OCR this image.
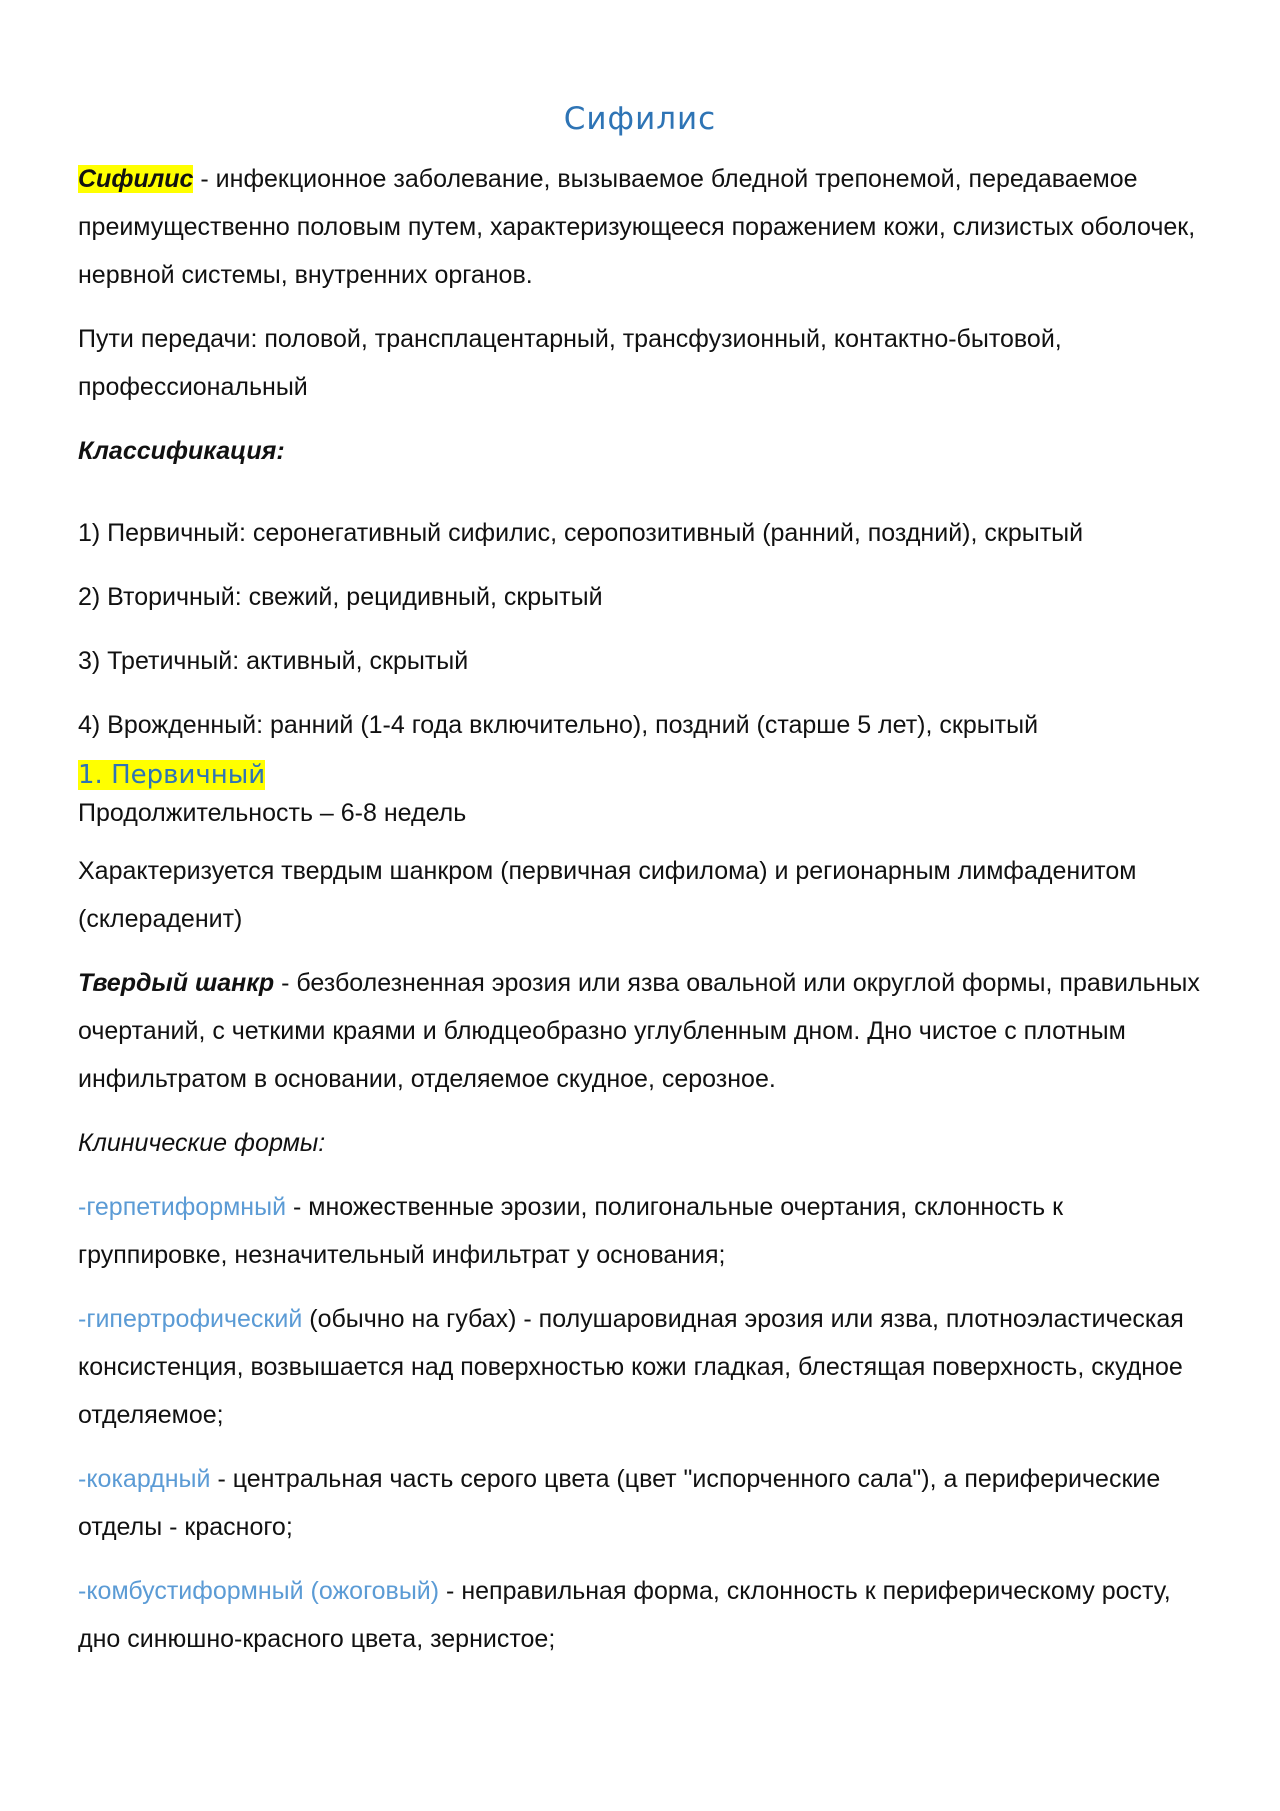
Сифилис

Сифилис - инфекционное заболевание, вызываемое бледной трепонемой, передаваемое преимущественно половым путем, характеризующееся поражением кожи, слизистых оболочек, нервной системы, внутренних органов.

Пути передачи: половой, трансплацентарный, трансфузионный, контактно-бытовой, профессиональный

Классификация:

1) Первичный: серонегативный сифилис, серопозитивный (ранний, поздний), скрытый

2) Вторичный: свежий, рецидивный, скрытый

3) Третичный: активный, скрытый

4) Врожденный: ранний (1-4 года включительно), поздний (старше 5 лет), скрытый

1. Первичный

Продолжительность – 6-8 недель

Характеризуется твердым шанкром (первичная сифилома) и регионарным лимфаденитом (склераденит)

Твердый шанкр - безболезненная эрозия или язва овальной или округлой формы, правильных очертаний, с четкими краями и блюдцеобразно углубленным дном. Дно чистое с плотным инфильтратом в основании, отделяемое скудное, серозное.

Клинические формы:

-герпетиформный - множественные эрозии, полигональные очертания, склонность к группировке, незначительный инфильтрат у основания;

-гипертрофический (обычно на губах) - полушаровидная эрозия или язва, плотноэластическая консистенция, возвышается над поверхностью кожи гладкая, блестящая поверхность, скудное отделяемое;

-кокардный - центральная часть серого цвета (цвет "испорченного сала"), а периферические отделы - красного;

-комбустиформный (ожоговый) - неправильная форма, склонность к периферическому росту, дно синюшно-красного цвета, зернистое;
